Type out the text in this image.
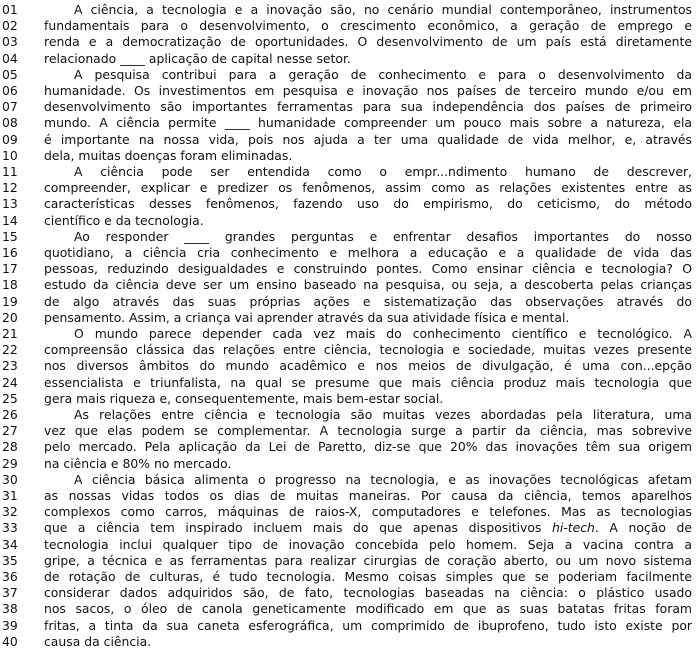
01	A ciência, a tecnologia e a inovação são, no cenário mundial contemporâneo, instrumentos
02	fundamentais para o desenvolvimento, o crescimento econômico, a geração de emprego e
03	renda e a democratização de oportunidades. O desenvolvimento de um país está diretamente
04	relacionado ____ aplicação de capital nesse setor.
05	A pesquisa contribui para a geração de conhecimento e para o desenvolvimento da
06	humanidade. Os investimentos em pesquisa e inovação nos países de terceiro mundo e/ou em
07	desenvolvimento são importantes ferramentas para sua independência dos países de primeiro
08	mundo. A ciência permite ____ humanidade compreender um pouco mais sobre a natureza, ela
09	é importante na nossa vida, pois nos ajuda a ter uma qualidade de vida melhor, e, através
10	dela, muitas doenças foram eliminadas.
11	A ciência pode ser entendida como o empr...ndimento humano de descrever,
12	compreender, explicar e predizer os fenômenos, assim como as relações existentes entre as
13	características desses fenômenos, fazendo uso do empirismo, do ceticismo, do método
14	científico e da tecnologia.
15	Ao responder ____ grandes perguntas e enfrentar desafios importantes do nosso
16	quotidiano, a ciência cria conhecimento e melhora a educação e a qualidade de vida das
17	pessoas, reduzindo desigualdades e construindo pontes. Como ensinar ciência e tecnologia? O
18	estudo da ciência deve ser um ensino baseado na pesquisa, ou seja, a descoberta pelas crianças
19	de algo através das suas próprias ações e sistematização das observações através do
20	pensamento. Assim, a criança vai aprender através da sua atividade física e mental.
21	O mundo parece depender cada vez mais do conhecimento científico e tecnológico. A
22	compreensão clássica das relações entre ciência, tecnologia e sociedade, muitas vezes presente
23	nos diversos âmbitos do mundo acadêmico e nos meios de divulgação, é uma con...epção
24	essencialista e triunfalista, na qual se presume que mais ciência produz mais tecnologia que
25	gera mais riqueza e, consequentemente, mais bem-estar social.
26	As relações entre ciência e tecnologia são muitas vezes abordadas pela literatura, uma
27	vez que elas podem se complementar. A tecnologia surge a partir da ciência, mas sobrevive
28	pelo mercado. Pela aplicação da Lei de Paretto, diz-se que 20% das inovações têm sua origem
29	na ciência e 80% no mercado.
30	A ciência básica alimenta o progresso na tecnologia, e as inovações tecnológicas afetam
31	as nossas vidas todos os dias de muitas maneiras. Por causa da ciência, temos aparelhos
32	complexos como carros, máquinas de raios-X, computadores e telefones. Mas as tecnologias
33	que a ciência tem inspirado incluem mais do que apenas dispositivos hi-tech. A noção de
34	tecnologia inclui qualquer tipo de inovação concebida pelo homem. Seja a vacina contra a
35	gripe, a técnica e as ferramentas para realizar cirurgias de coração aberto, ou um novo sistema
36	de rotação de culturas, é tudo tecnologia. Mesmo coisas simples que se poderiam facilmente
37	considerar dados adquiridos são, de fato, tecnologias baseadas na ciência: o plástico usado
38	nos sacos, o óleo de canola geneticamente modificado em que as suas batatas fritas foram
39	fritas, a tinta da sua caneta esferográfica, um comprimido de ibuprofeno, tudo isto existe por
40	causa da ciência.
